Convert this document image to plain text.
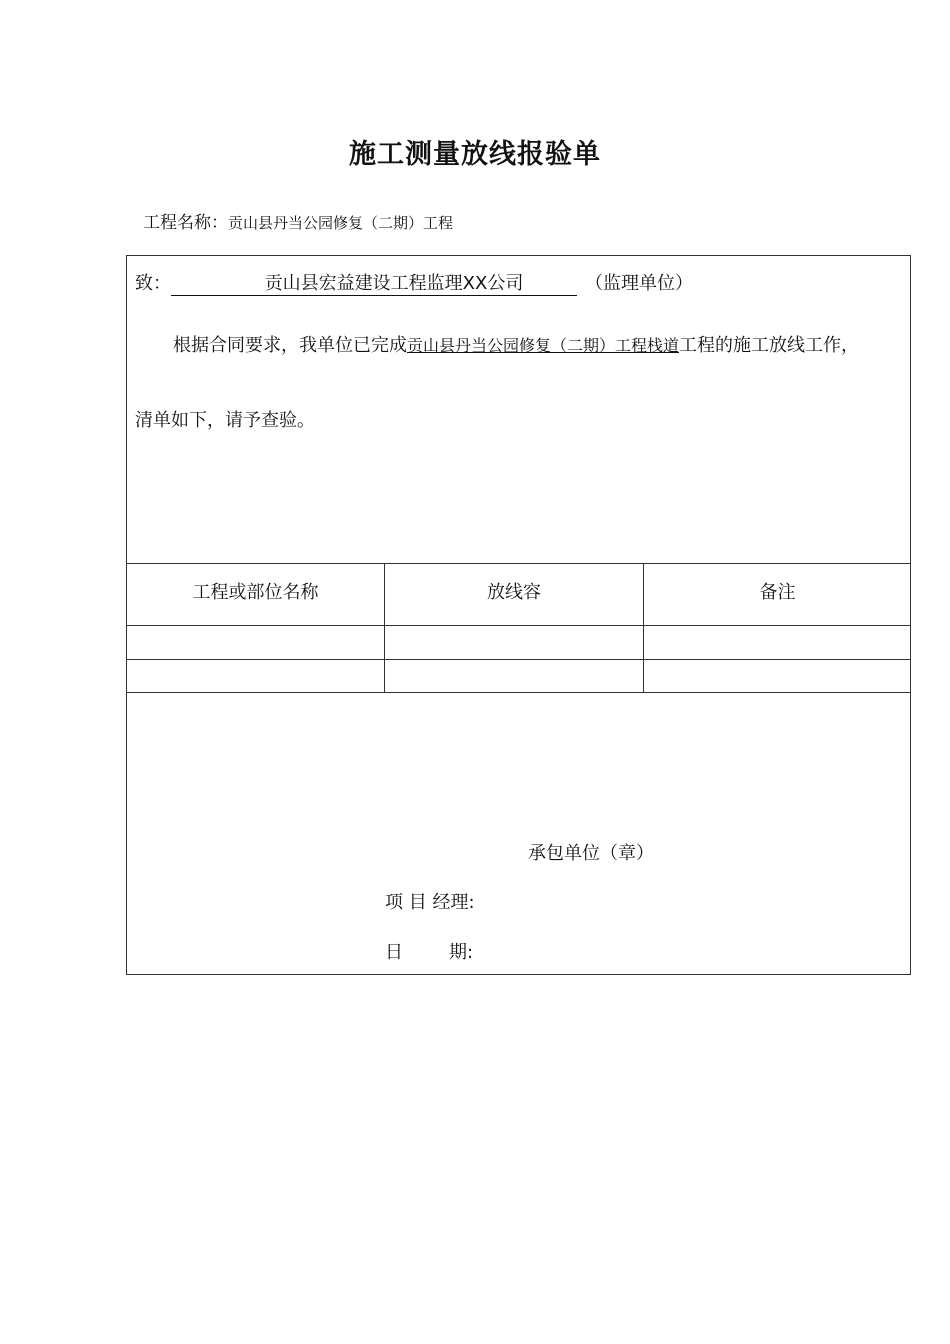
施工测量放线报验单
工程名称：贡山县丹当公园修复（二期）工程
致：	贡山县宏益建设工程监理XX公司	（监理单位）
根据合同要求，我单位已完成贡山县丹当公园修复（二期）工程栈道工程的施工放线工作，
清单如下，请予查验。
工程或部位名称	放线容	备注
承包单位（章）
项 目 经理:
日	期:
